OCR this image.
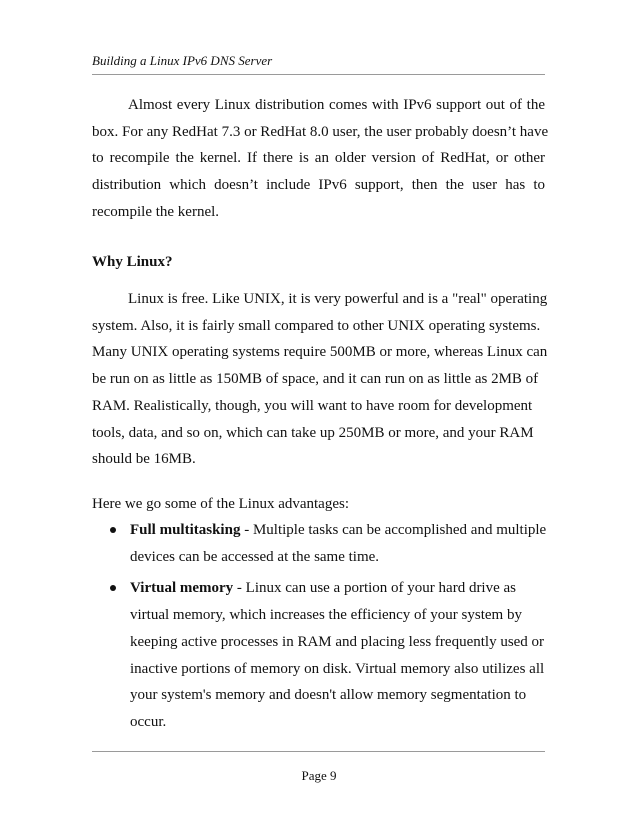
Building a Linux IPv6 DNS Server
Almost every Linux distribution comes with IPv6 support out of the
box. For any RedHat 7.3 or RedHat 8.0 user, the user probably doesn’t have
to recompile the kernel. If there is an older version of RedHat, or other
distribution which doesn’t include IPv6 support, then the user has to
recompile the kernel.
Why Linux?
Linux is free. Like UNIX, it is very powerful and is a "real" operating
system. Also, it is fairly small compared to other UNIX operating systems.
Many UNIX operating systems require 500MB or more, whereas Linux can
be run on as little as 150MB of space, and it can run on as little as 2MB of
RAM. Realistically, though, you will want to have room for development
tools, data, and so on, which can take up 250MB or more, and your RAM
should be 16MB.
Here we go some of the Linux advantages:
Full multitasking - Multiple tasks can be accomplished and multiple
devices can be accessed at the same time.
Virtual memory - Linux can use a portion of your hard drive as
virtual memory, which increases the efficiency of your system by
keeping active processes in RAM and placing less frequently used or
inactive portions of memory on disk. Virtual memory also utilizes all
your system's memory and doesn't allow memory segmentation to
occur.
Page 9
